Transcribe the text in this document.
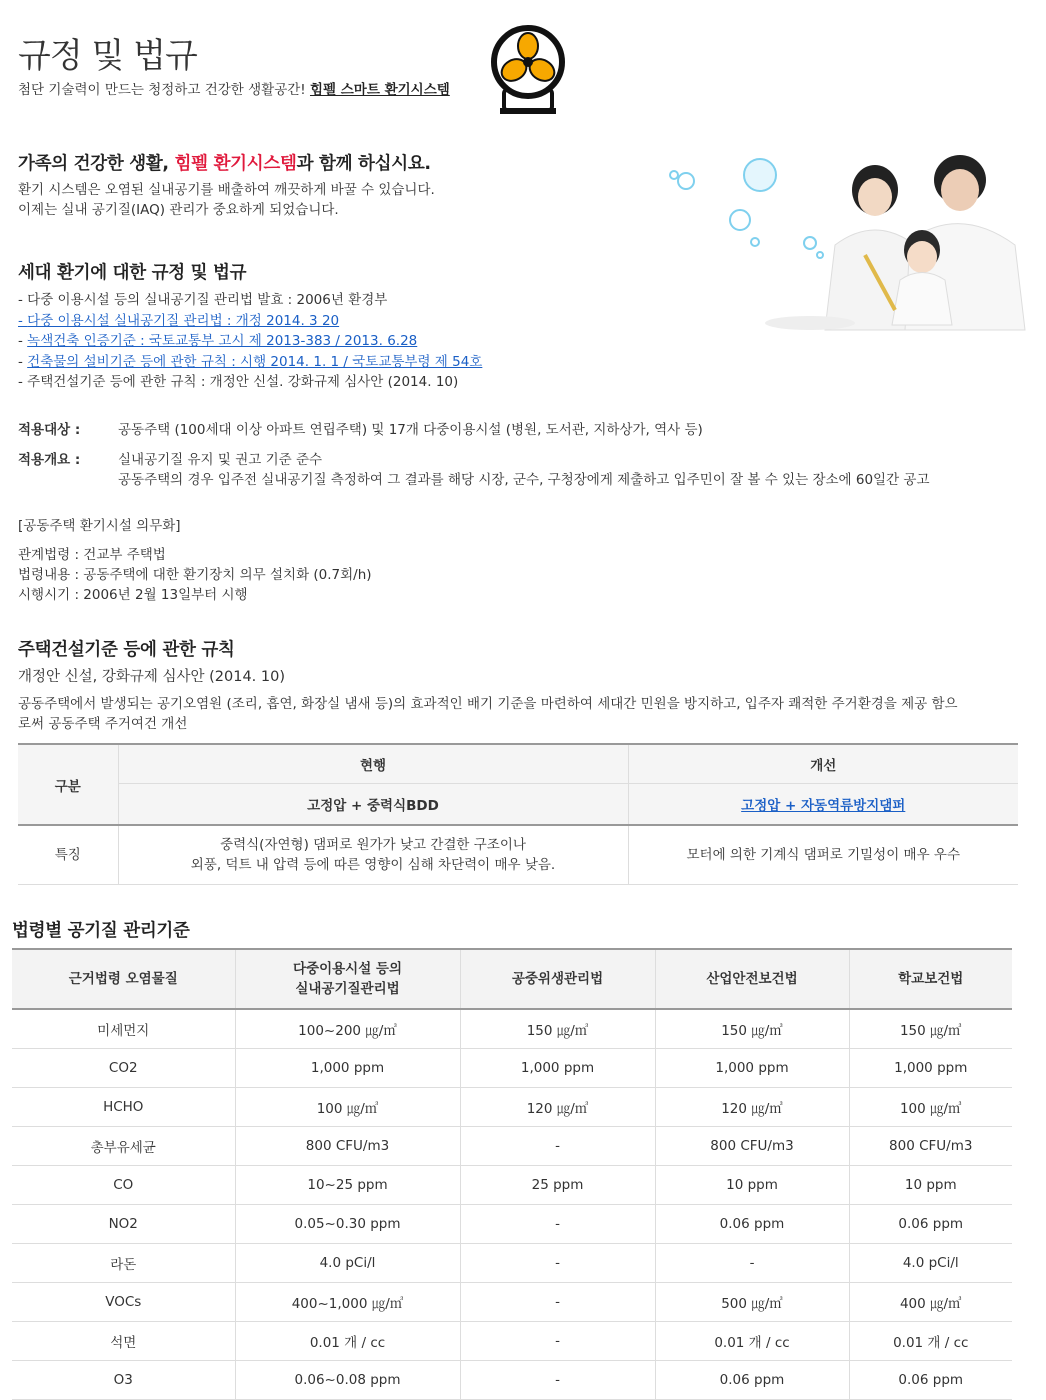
규정 및 법규
첨단 기술력이 만드는 청정하고 건강한 생활공간! 힘펠 스마트 환기시스템
가족의 건강한 생활, 힘펠 환기시스템과 함께 하십시요.
환기 시스템은 오염된 실내공기를 배출하여 깨끗하게 바꿀 수 있습니다.
이제는 실내 공기질(IAQ) 관리가 중요하게 되었습니다.
세대 환기에 대한 규정 및 법규
- 다중 이용시설 등의 실내공기질 관리법 발효 : 2006년 환경부
- 다중 이용시설 실내공기질 관리법 : 개정 2014. 3 20
- 녹색건축 인증기준 : 국토교통부 고시 제 2013-383 / 2013. 6.28
- 건축물의 설비기준 등에 관한 규칙 : 시행 2014. 1. 1 / 국토교통부령 제 54호
- 주택건설기준 등에 관한 규칙 : 개정안 신설. 강화규제 심사안 (2014. 10)
적용대상 :	공동주택 (100세대 이상 아파트 연립주택) 및 17개 다중이용시설 (병원, 도서관, 지하상가, 역사 등)
적용개요 :	실내공기질 유지 및 권고 기준 준수
공동주택의 경우 입주전 실내공기질 측정하여 그 결과를 해당 시장, 군수, 구청장에게 제출하고 입주민이 잘 볼 수 있는 장소에 60일간 공고
[공동주택 환기시설 의무화]
관계법령 : 건교부 주택법
법령내용 : 공동주택에 대한 환기장치 의무 설치화 (0.7회/h)
시행시기 : 2006년 2월 13일부터 시행
주택건설기준 등에 관한 규칙
개정안 신설, 강화규제 심사안 (2014. 10)
공동주택에서 발생되는 공기오염원 (조리, 흡연, 화장실 냄새 등)의 효과적인 배기 기준을 마련하여 세대간 민원을 방지하고, 입주자 쾌적한 주거환경을 제공 함으
로써 공동주택 주거여건 개선
구분	현행	개선
	고정압 + 중력식BDD	고정압 + 자동역류방지댐퍼
특징	중력식(자연형) 댐퍼로 원가가 낮고 간결한 구조이나
외풍, 덕트 내 압력 등에 따른 영향이 심해 차단력이 매우 낮음.	모터에 의한 기계식 댐퍼로 기밀성이 매우 우수
법령별 공기질 관리기준
근거법령 오염물질	다중이용시설 등의
실내공기질관리법	공중위생관리법	산업안전보건법	학교보건법
미세먼지	100~200 ㎍/㎥	150 ㎍/㎥	150 ㎍/㎥	150 ㎍/㎥
CO2	1,000 ppm	1,000 ppm	1,000 ppm	1,000 ppm
HCHO	100 ㎍/㎥	120 ㎍/㎥	120 ㎍/㎥	100 ㎍/㎥
총부유세균	800 CFU/m3	-	800 CFU/m3	800 CFU/m3
CO	10~25 ppm	25 ppm	10 ppm	10 ppm
NO2	0.05~0.30 ppm	-	0.06 ppm	0.06 ppm
라돈	4.0 pCi/l	-	-	4.0 pCi/l
VOCs	400~1,000 ㎍/㎥	-	500 ㎍/㎥	400 ㎍/㎥
석면	0.01 개 / cc	-	0.01 개 / cc	0.01 개 / cc
O3	0.06~0.08 ppm	-	0.06 ppm	0.06 ppm
